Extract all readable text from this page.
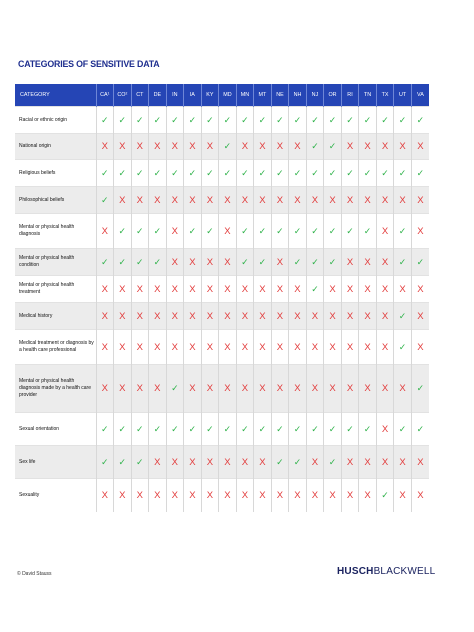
CATEGORIES OF SENSITIVE DATA
CATEGORY	CA¹	CO²	CT	DE	IN	IA	KY	MD	MN	MT	NE	NH	NJ	OR	RI	TN	TX	UT	VA
Racial or ethnic origin	✓	✓	✓	✓	✓	✓	✓	✓	✓	✓	✓	✓	✓	✓	✓	✓	✓	✓	✓
National origin	X	X	X	X	X	X	X	✓	X	X	X	X	✓	✓	X	X	X	X	X
Religious beliefs	✓	✓	✓	✓	✓	✓	✓	✓	✓	✓	✓	✓	✓	✓	✓	✓	✓	✓	✓
Philosophical beliefs	✓	X	X	X	X	X	X	X	X	X	X	X	X	X	X	X	X	X	X
Mental or physical health diagnosis	X	✓	✓	✓	X	✓	✓	X	✓	✓	✓	✓	✓	✓	✓	✓	X	✓	X
Mental or physical health condition	✓	✓	✓	✓	X	X	X	X	✓	✓	X	✓	✓	✓	X	X	X	✓	✓
Mental or physical health treatment	X	X	X	X	X	X	X	X	X	X	X	X	✓	X	X	X	X	X	X
Medical history	X	X	X	X	X	X	X	X	X	X	X	X	X	X	X	X	X	✓	X
Medical treatment or diagnosis by a health care professional	X	X	X	X	X	X	X	X	X	X	X	X	X	X	X	X	X	✓	X
Mental or physical health diagnosis made by a health care provider	X	X	X	X	✓	X	X	X	X	X	X	X	X	X	X	X	X	X	✓
Sexual orientation	✓	✓	✓	✓	✓	✓	✓	✓	✓	✓	✓	✓	✓	✓	✓	✓	X	✓	✓
Sex life	✓	✓	✓	X	X	X	X	X	X	X	✓	✓	X	✓	X	X	X	X	X
Sexuality	X	X	X	X	X	X	X	X	X	X	X	X	X	X	X	X	✓	X	X
© David Stauss	HUSCHBLACKWELL
